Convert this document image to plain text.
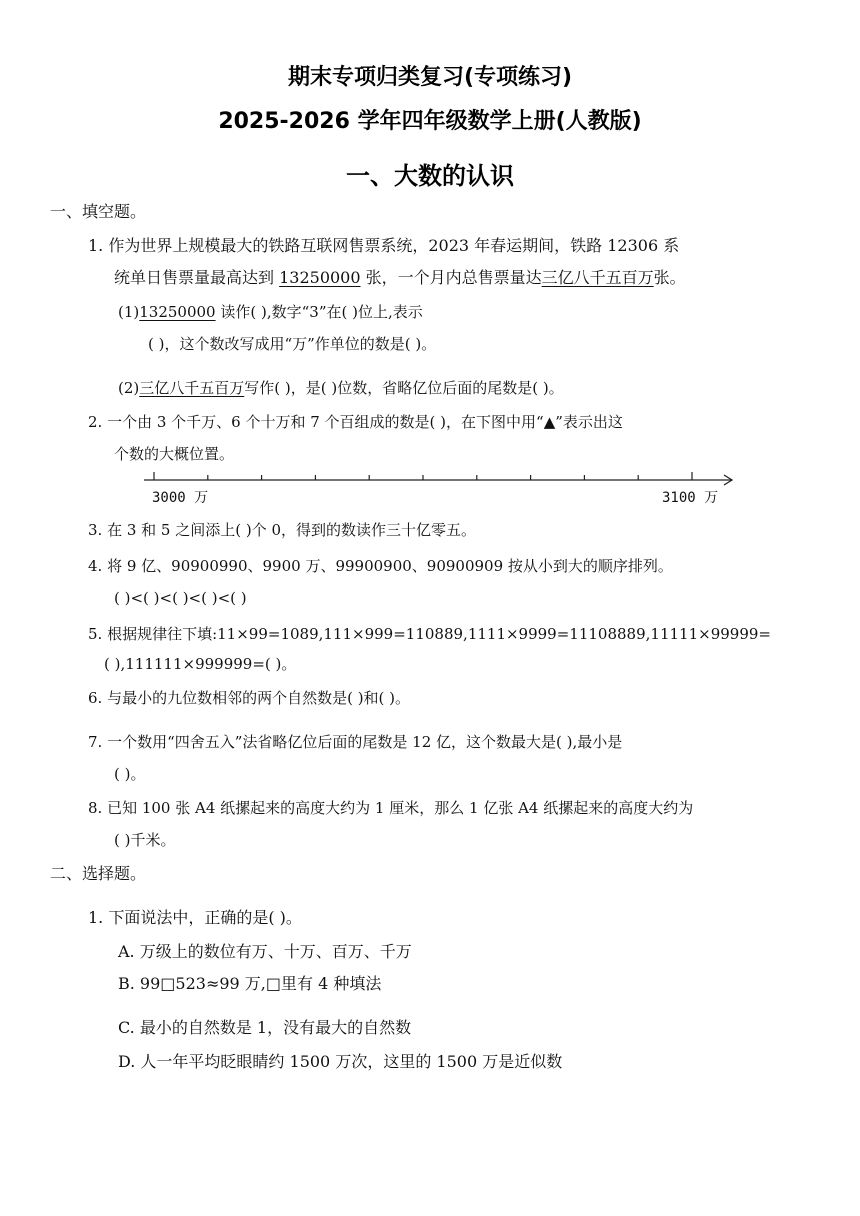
期末专项归类复习(专项练习)
2025-2026 学年四年级数学上册(人教版)
一、大数的认识
一、填空题。
1. 作为世界上规模最大的铁路互联网售票系统，2023 年春运期间，铁路 12306 系
统单日售票量最高达到 13250000 张，一个月内总售票量达三亿八千五百万张。
(1)13250000 读作( ),数字“3”在( )位上,表示
( )，这个数改写成用“万”作单位的数是( )。
(2)三亿八千五百万写作( )，是( )位数，省略亿位后面的尾数是( )。
2. 一个由 3 个千万、6 个十万和 7 个百组成的数是( )，在下图中用“▲”表示出这
个数的大概位置。
3000 万	3100 万
3. 在 3 和 5 之间添上( )个 0，得到的数读作三十亿零五。
4. 将 9 亿、90900990、9900 万、99900900、90900909 按从小到大的顺序排列。
( )<( )<( )<( )<( )
5. 根据规律往下填:11×99=1089,111×999=110889,1111×9999=11108889,11111×99999=
( ),111111×999999=( )。
6. 与最小的九位数相邻的两个自然数是( )和( )。
7. 一个数用“四舍五入”法省略亿位后面的尾数是 12 亿，这个数最大是( ),最小是
( )。
8. 已知 100 张 A4 纸摞起来的高度大约为 1 厘米，那么 1 亿张 A4 纸摞起来的高度大约为
( )千米。
二、选择题。
1. 下面说法中，正确的是( )。
A. 万级上的数位有万、十万、百万、千万
B. 99□523≈99 万,□里有 4 种填法
C. 最小的自然数是 1，没有最大的自然数
D. 人一年平均眨眼睛约 1500 万次，这里的 1500 万是近似数
